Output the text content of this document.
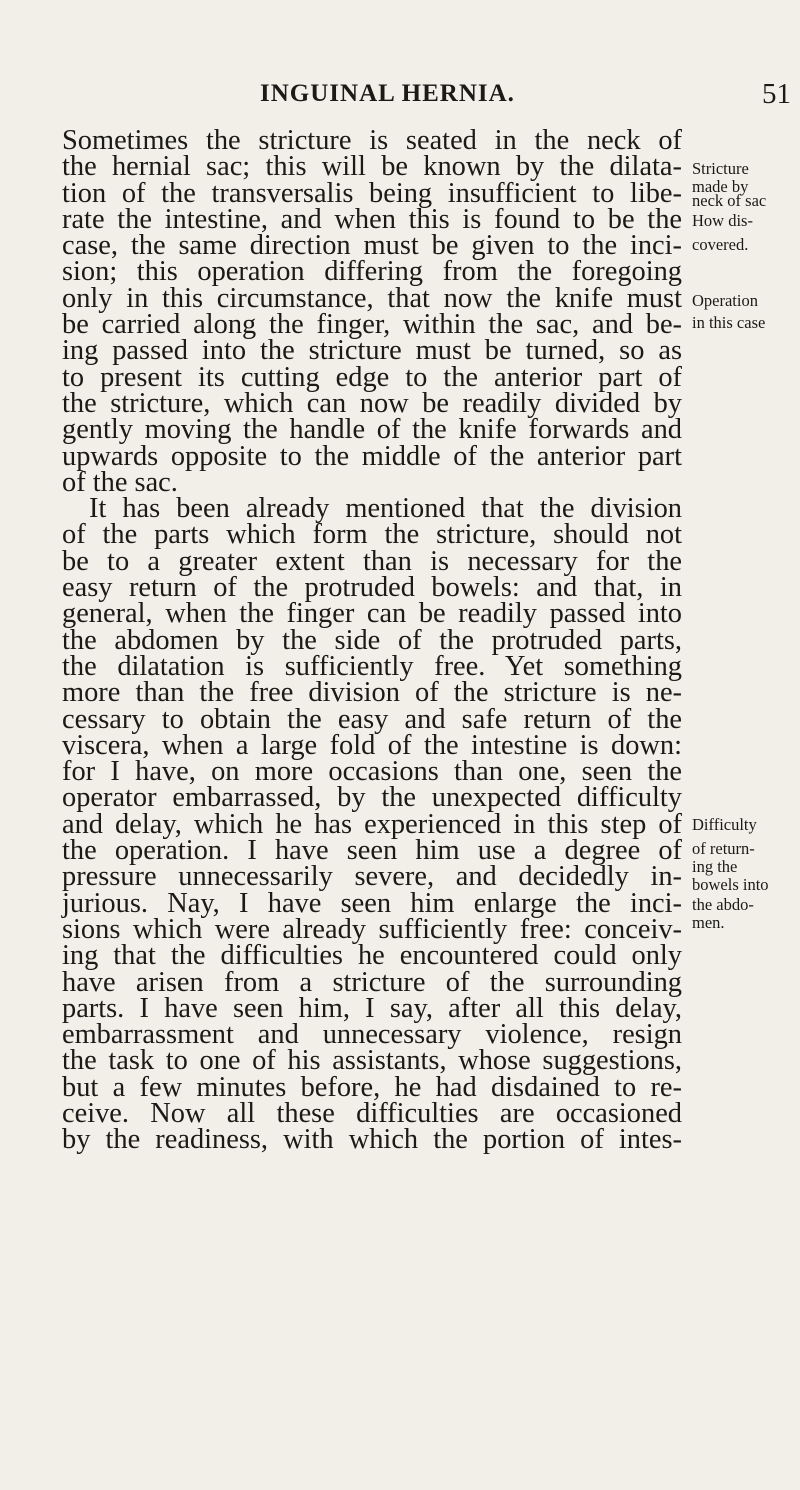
INGUINAL HERNIA.	51
Sometimes the stricture is seated in the neck of
the hernial sac; this will be known by the dilata-
tion of the transversalis being insufficient to libe-
rate the intestine, and when this is found to be the
case, the same direction must be given to the inci-
sion; this operation differing from the foregoing
only in this circumstance, that now the knife must
be carried along the finger, within the sac, and be-
ing passed into the stricture must be turned, so as
to present its cutting edge to the anterior part of
the stricture, which can now be readily divided by
gently moving the handle of the knife forwards and
upwards opposite to the middle of the anterior part
of the sac.
It has been already mentioned that the division
of the parts which form the stricture, should not
be to a greater extent than is necessary for the
easy return of the protruded bowels: and that, in
general, when the finger can be readily passed into
the abdomen by the side of the protruded parts,
the dilatation is sufficiently free. Yet something
more than the free division of the stricture is ne-
cessary to obtain the easy and safe return of the
viscera, when a large fold of the intestine is down:
for I have, on more occasions than one, seen the
operator embarrassed, by the unexpected difficulty
and delay, which he has experienced in this step of
the operation. I have seen him use a degree of
pressure unnecessarily severe, and decidedly in-
jurious. Nay, I have seen him enlarge the inci-
sions which were already sufficiently free: conceiv-
ing that the difficulties he encountered could only
have arisen from a stricture of the surrounding
parts. I have seen him, I say, after all this delay,
embarrassment and unnecessary violence, resign
the task to one of his assistants, whose suggestions,
but a few minutes before, he had disdained to re-
ceive. Now all these difficulties are occasioned
by the readiness, with which the portion of intes-
Stricture
made by
neck of sac
How dis-
covered.
Operation
in this case
Difficulty
of return-
ing the
bowels into
the abdo-
men.
